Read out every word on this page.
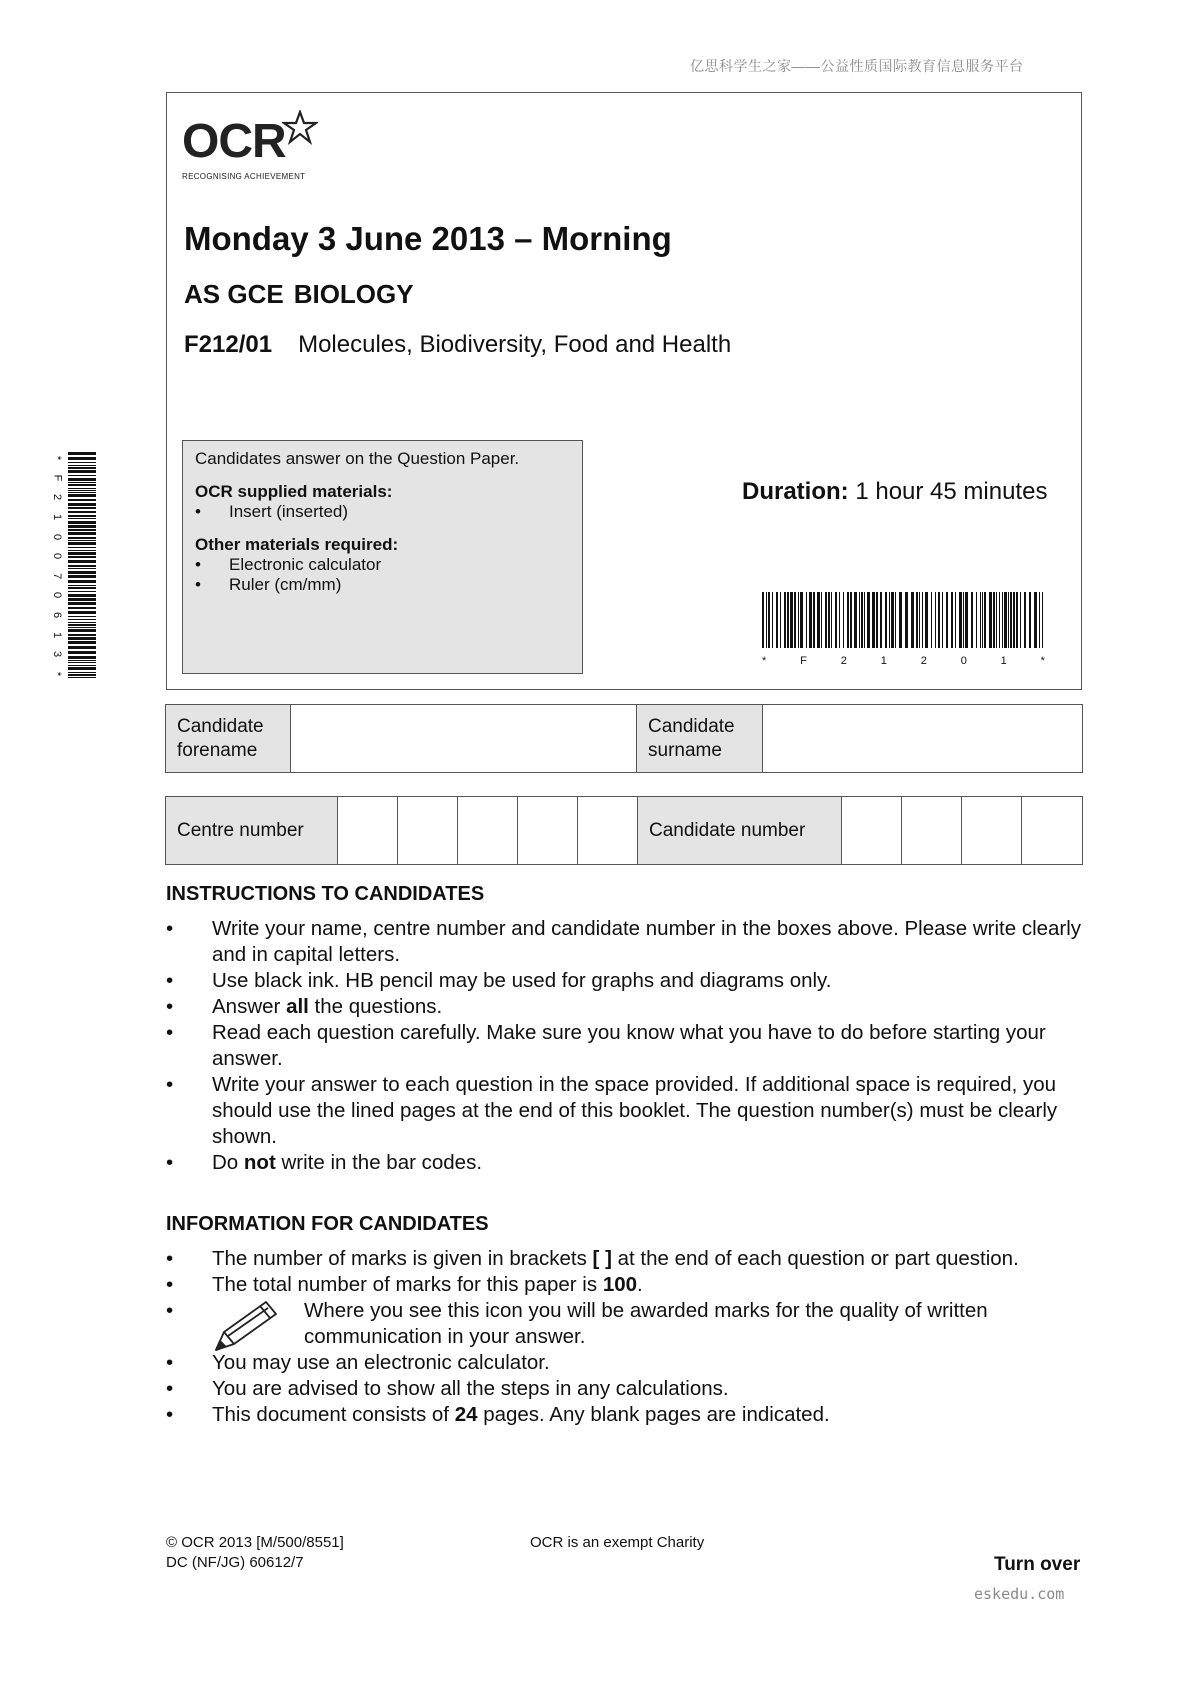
亿思科学生之家——公益性质国际教育信息服务平台
OCR
RECOGNISING ACHIEVEMENT
Monday 3 June 2013 – Morning
AS GCE BIOLOGY
F212/01 Molecules, Biodiversity, Food and Health

Candidates answer on the Question Paper.

OCR supplied materials:

• Insert (inserted)

Other materials required:

• Electronic calculator

• Ruler (cm/mm)

Duration: 1 hour 45 minutes
*	F	2	1	2	0	1	*
*
F
2
1
0
0
7
0
6
1
3
*
Candidate forename
Candidate surname
Centre number	Candidate number
INSTRUCTIONS TO CANDIDATES
• Write your name, centre number and candidate number in the boxes above. Please write clearly and in capital letters.
• Use black ink. HB pencil may be used for graphs and diagrams only.
• Answer all the questions.
• Read each question carefully. Make sure you know what you have to do before starting your answer.
• Write your answer to each question in the space provided. If additional space is required, you should use the lined pages at the end of this booklet. The question number(s) must be clearly shown.
• Do not write in the bar codes.
INFORMATION FOR CANDIDATES
• The number of marks is given in brackets [ ] at the end of each question or part question.
• The total number of marks for this paper is 100.
• Where you see this icon you will be awarded marks for the quality of written communication in your answer.
• You may use an electronic calculator.
• You are advised to show all the steps in any calculations.
• This document consists of 24 pages. Any blank pages are indicated.
© OCR 2013 [M/500/8551]
DC (NF/JG) 60612/7
OCR is an exempt Charity
Turn over
eskedu.com
